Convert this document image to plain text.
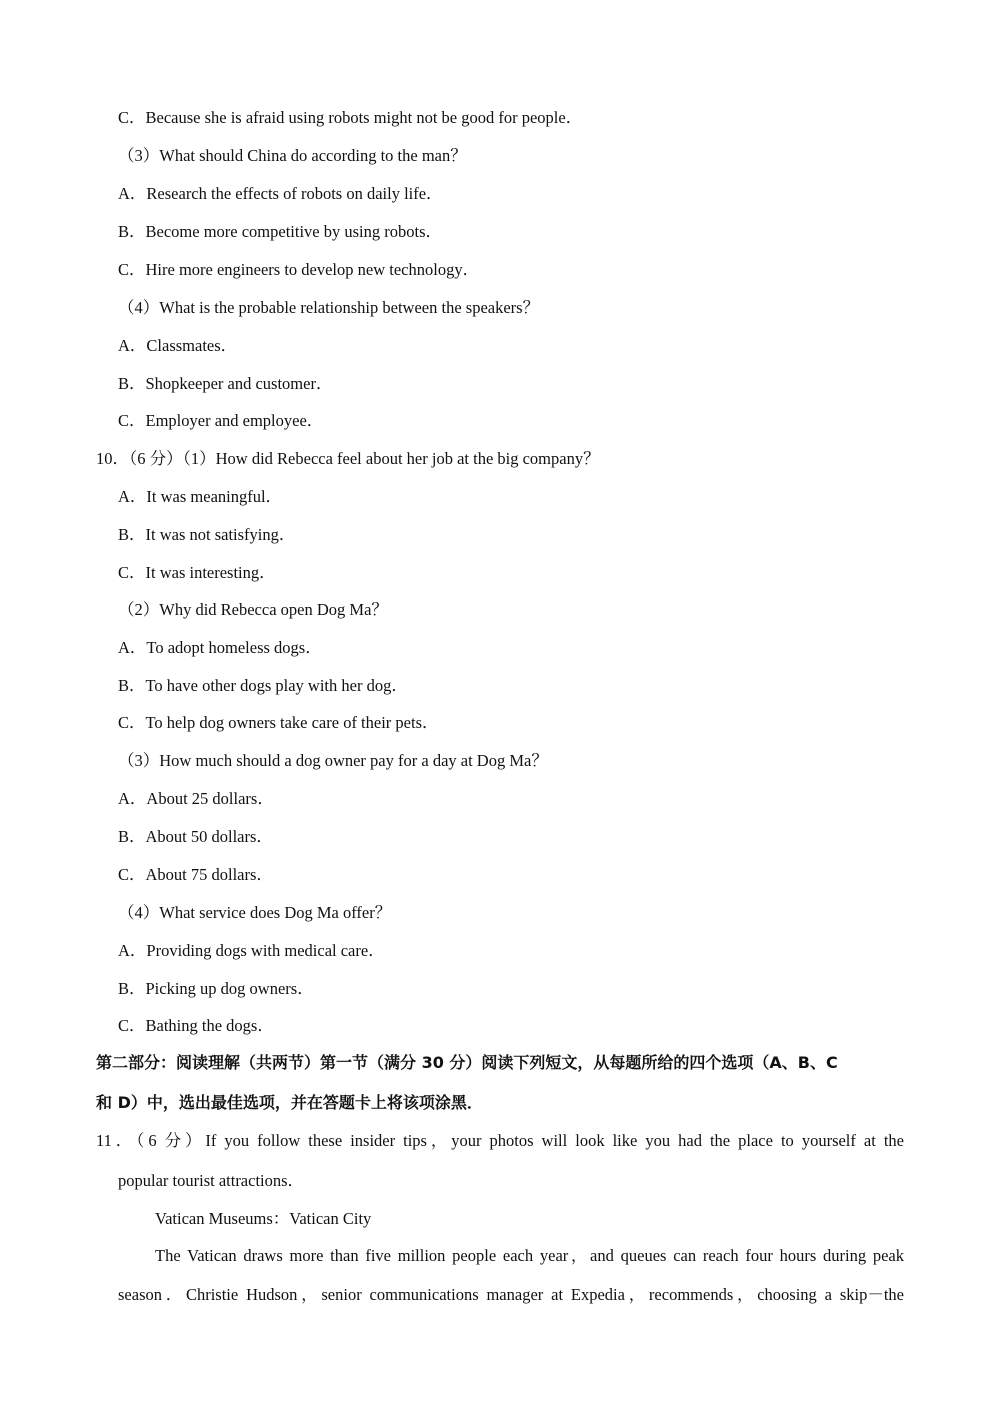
C．Because she is afraid using robots might not be good for people．
（3）What should China do according to the man？
A．Research the effects of robots on daily life．
B．Become more competitive by using robots．
C．Hire more engineers to develop new technology．
（4）What is the probable relationship between the speakers？
A．Classmates．
B．Shopkeeper and customer．
C．Employer and employee．
10．（6 分）（1）How did Rebecca feel about her job at the big company？
A．It was meaningful．
B．It was not satisfying．
C．It was interesting．
（2）Why did Rebecca open Dog Ma？
A．To adopt homeless dogs．
B．To have other dogs play with her dog．
C．To help dog owners take care of their pets．
（3）How much should a dog owner pay for a day at Dog Ma？
A．About 25 dollars．
B．About 50 dollars．
C．About 75 dollars．
（4）What service does Dog Ma offer？
A．Providing dogs with medical care．
B．Picking up dog owners．
C．Bathing the dogs．
第二部分：阅读理解（共两节）第一节（满分 30 分）阅读下列短文，从每题所给的四个选项（A、B、C
和 D）中，选出最佳选项，并在答题卡上将该项涂黑．
11．（6 分）If you follow these insider tips，your photos will look like you had the place to yourself at the
popular tourist attractions．
Vatican Museums：Vatican City
The Vatican draws more than five million people each year，and queues can reach four hours during peak
season．Christie Hudson，senior communications manager at Expedia，recommends，choosing a skip－the
